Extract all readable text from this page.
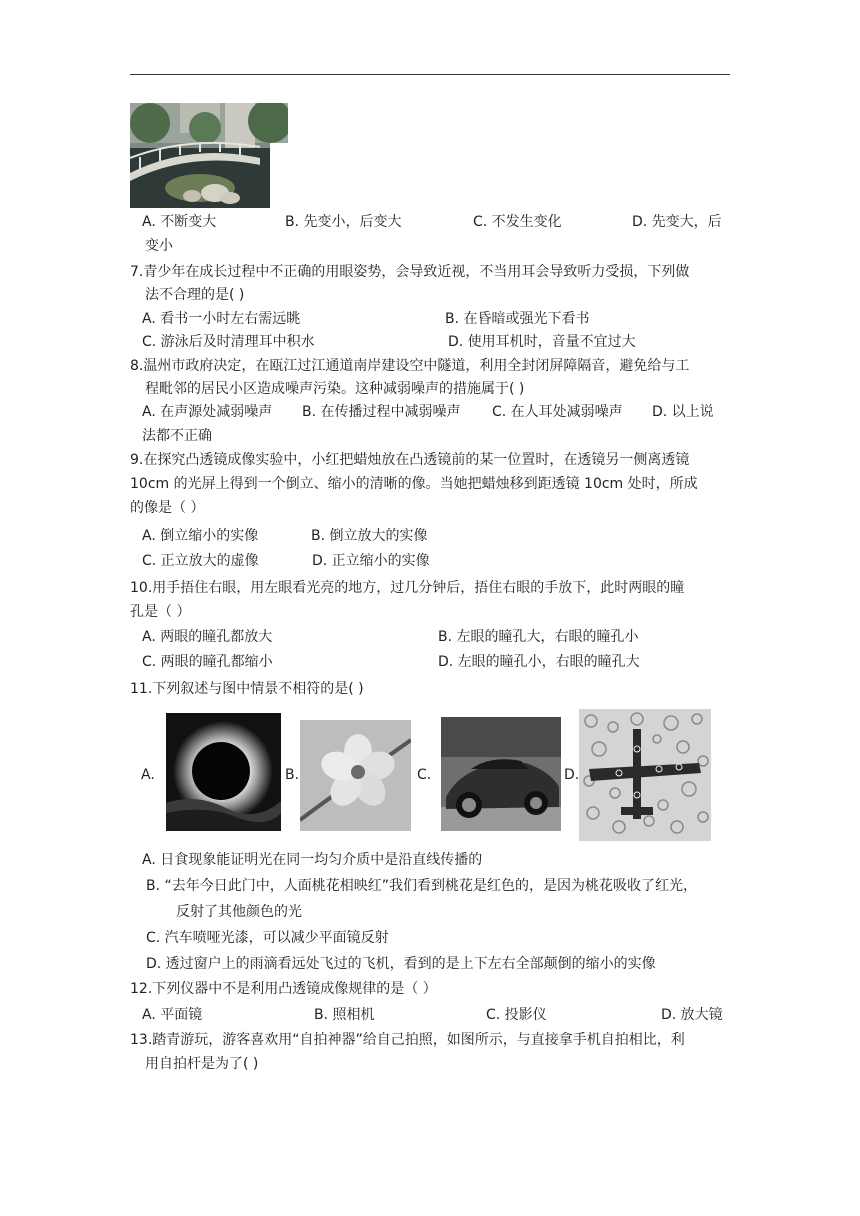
A. 不断变大	B. 先变小，后变大	C. 不发生变化	D. 先变大，后
变小
7.青少年在成长过程中不正确的用眼姿势，会导致近视，不当用耳会导致听力受损，下列做
法不合理的是( )
A. 看书一小时左右需远眺	B. 在昏暗或强光下看书
C. 游泳后及时清理耳中积水	D. 使用耳机时，音量不宜过大
8.温州市政府决定，在瓯江过江通道南岸建设空中隧道，利用全封闭屏障隔音，避免给与工
程毗邻的居民小区造成噪声污染。这种减弱噪声的措施属于( )
A. 在声源处减弱噪声 B. 在传播过程中减弱噪声 C. 在人耳处减弱噪声 D. 以上说
法都不正确
9.在探究凸透镜成像实验中，小红把蜡烛放在凸透镜前的某一位置时，在透镜另一侧离透镜
10cm 的光屏上得到一个倒立、缩小的清晰的像。当她把蜡烛移到距透镜 10cm 处时，所成
的像是（ ）
A. 倒立缩小的实像	B. 倒立放大的实像
C. 正立放大的虚像	D. 正立缩小的实像
10.用手捂住右眼，用左眼看光亮的地方，过几分钟后，捂住右眼的手放下，此时两眼的瞳
孔是（ ）
A. 两眼的瞳孔都放大	B. 左眼的瞳孔大，右眼的瞳孔小
C. 两眼的瞳孔都缩小	D. 左眼的瞳孔小，右眼的瞳孔大
11.下列叙述与图中情景不相符的是( )
A.	B.	C.	D.
A. 日食现象能证明光在同一均匀介质中是沿直线传播的
B. “去年今日此门中，人面桃花相映红”我们看到桃花是红色的，是因为桃花吸收了红光，
反射了其他颜色的光
C. 汽车喷哑光漆，可以减少平面镜反射
D. 透过窗户上的雨滴看远处飞过的飞机，看到的是上下左右全部颠倒的缩小的实像
12.下列仪器中不是利用凸透镜成像规律的是（ ）
A. 平面镜	B. 照相机	C. 投影仪	D. 放大镜
13.踏青游玩，游客喜欢用“自拍神器”给自己拍照，如图所示，与直接拿手机自拍相比，利
用自拍杆是为了( )
